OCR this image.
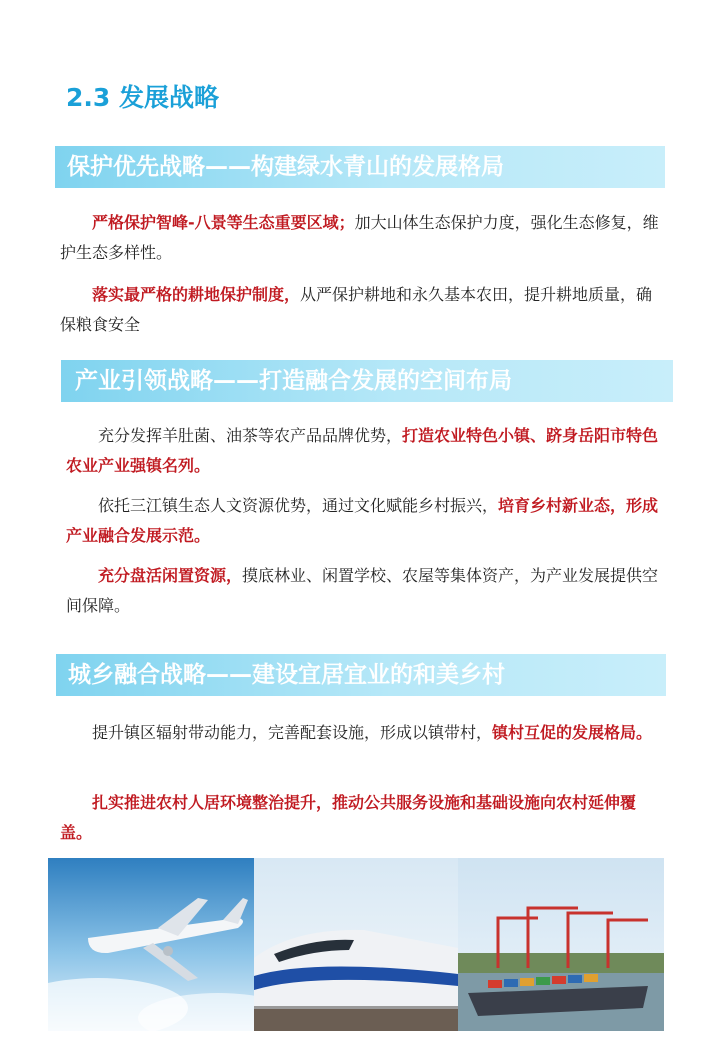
2.3 发展战略
保护优先战略——构建绿水青山的发展格局

严格保护智峰-八景等生态重要区域；加大山体生态保护力度，强化生态修复，维护生态多样性。

落实最严格的耕地保护制度，从严保护耕地和永久基本农田，提升耕地质量，确保粮食安全

产业引领战略——打造融合发展的空间布局

充分发挥羊肚菌、油茶等农产品品牌优势，打造农业特色小镇、跻身岳阳市特色农业产业强镇名列。

依托三江镇生态人文资源优势，通过文化赋能乡村振兴，培育乡村新业态，形成产业融合发展示范。

充分盘活闲置资源，摸底林业、闲置学校、农屋等集体资产，为产业发展提供空间保障。

城乡融合战略——建设宜居宜业的和美乡村

提升镇区辐射带动能力，完善配套设施，形成以镇带村，镇村互促的发展格局。

扎实推进农村人居环境整治提升，推动公共服务设施和基础设施向农村延伸覆盖。
